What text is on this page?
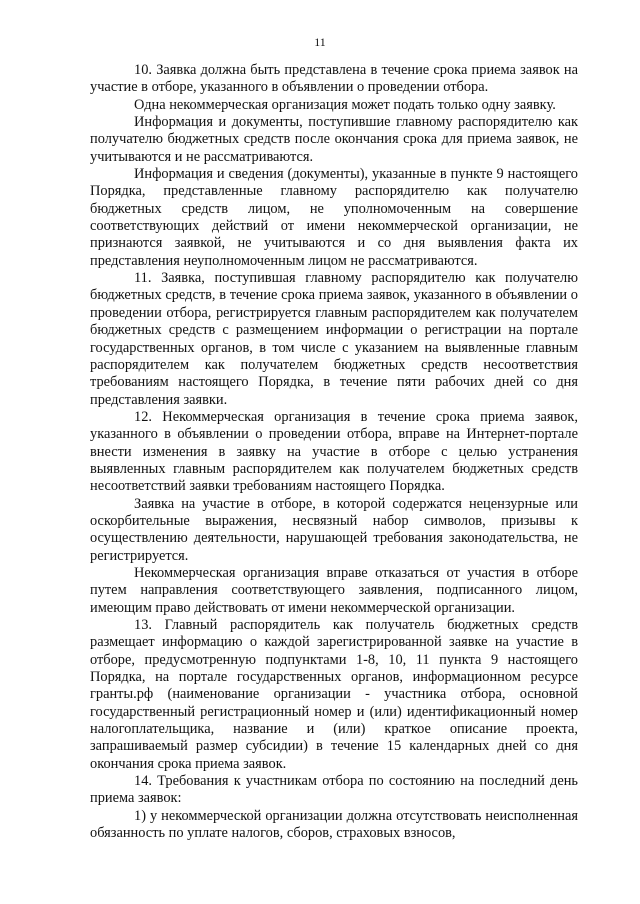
11

10. Заявка должна быть представлена в течение срока приема заявок на участие в отборе, указанного в объявлении о проведении отбора.

Одна некоммерческая организация может подать только одну заявку.

Информация и документы, поступившие главному распорядителю как получателю бюджетных средств после окончания срока для приема заявок, не учитываются и не рассматриваются.

Информация и сведения (документы), указанные в пункте 9 настоящего Порядка, представленные главному распорядителю как получателю бюджетных средств лицом, не уполномоченным на совершение соответствующих действий от имени некоммерческой организации, не признаются заявкой, не учитываются и со дня выявления факта их представления неуполномоченным лицом не рассматриваются.

11. Заявка, поступившая главному распорядителю как получателю бюджетных средств, в течение срока приема заявок, указанного в объявлении о проведении отбора, регистрируется главным распорядителем как получателем бюджетных средств с размещением информации о регистрации на портале государственных органов, в том числе с указанием на выявленные главным распорядителем как получателем бюджетных средств несоответствия требованиям настоящего Порядка, в течение пяти рабочих дней со дня представления заявки.

12. Некоммерческая организация в течение срока приема заявок, указанного в объявлении о проведении отбора, вправе на Интернет-портале внести изменения в заявку на участие в отборе с целью устранения выявленных главным распорядителем как получателем бюджетных средств несоответствий заявки требованиям настоящего Порядка.

Заявка на участие в отборе, в которой содержатся нецензурные или оскорбительные выражения, несвязный набор символов, призывы к осуществлению деятельности, нарушающей требования законодательства, не регистрируется.

Некоммерческая организация вправе отказаться от участия в отборе путем направления соответствующего заявления, подписанного лицом, имеющим право действовать от имени некоммерческой организации.

13. Главный распорядитель как получатель бюджетных средств размещает информацию о каждой зарегистрированной заявке на участие в отборе, предусмотренную подпунктами 1-8, 10, 11 пункта 9 настоящего Порядка, на портале государственных органов, информационном ресурсе гранты.рф (наименование организации - участника отбора, основной государственный регистрационный номер и (или) идентификационный номер налогоплательщика, название и (или) краткое описание проекта, запрашиваемый размер субсидии) в течение 15 календарных дней со дня окончания срока приема заявок.

14. Требования к участникам отбора по состоянию на последний день приема заявок:

1) у некоммерческой организации должна отсутствовать неисполненная обязанность по уплате налогов, сборов, страховых взносов,
